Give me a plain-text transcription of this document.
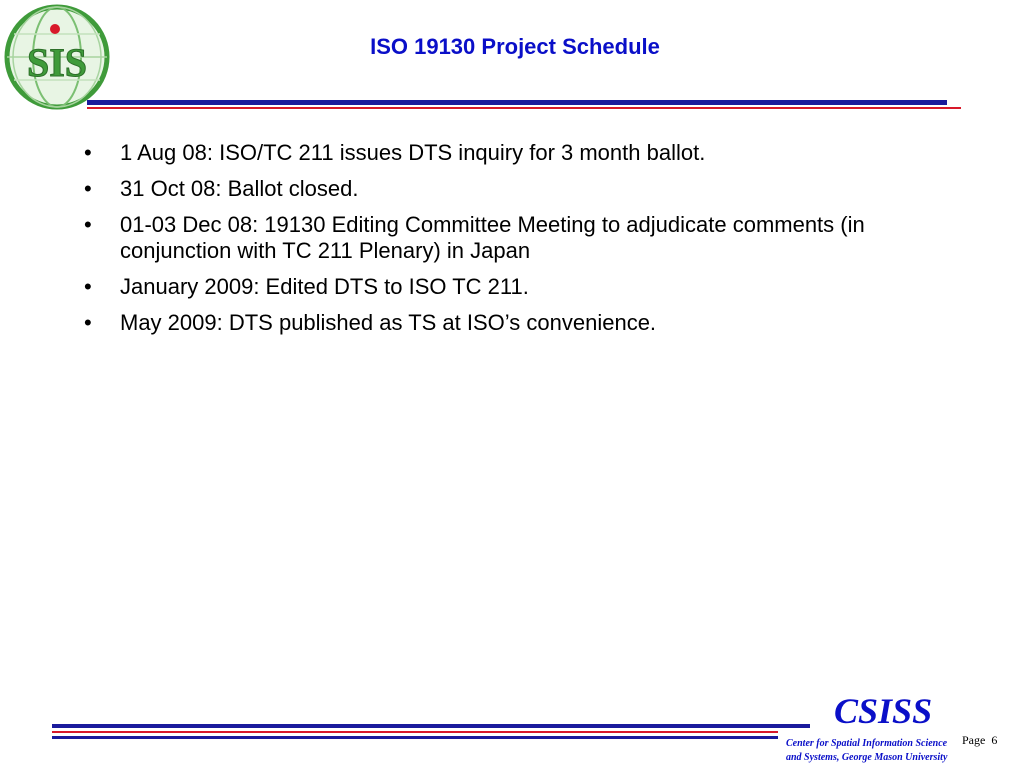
SIS	ISO 19130 Project Schedule
•	1 Aug 08: ISO/TC 211 issues DTS inquiry for 3 month ballot.
•	31 Oct 08: Ballot closed.
•	01-03 Dec 08: 19130 Editing Committee Meeting to adjudicate comments (in conjunction with TC 211 Plenary) in Japan
•	January 2009: Edited DTS to ISO TC 211.
•	May 2009: DTS published as TS at ISO’s convenience.
CSISS
Center for Spatial Information Science
and Systems, George Mason University
Page 6
